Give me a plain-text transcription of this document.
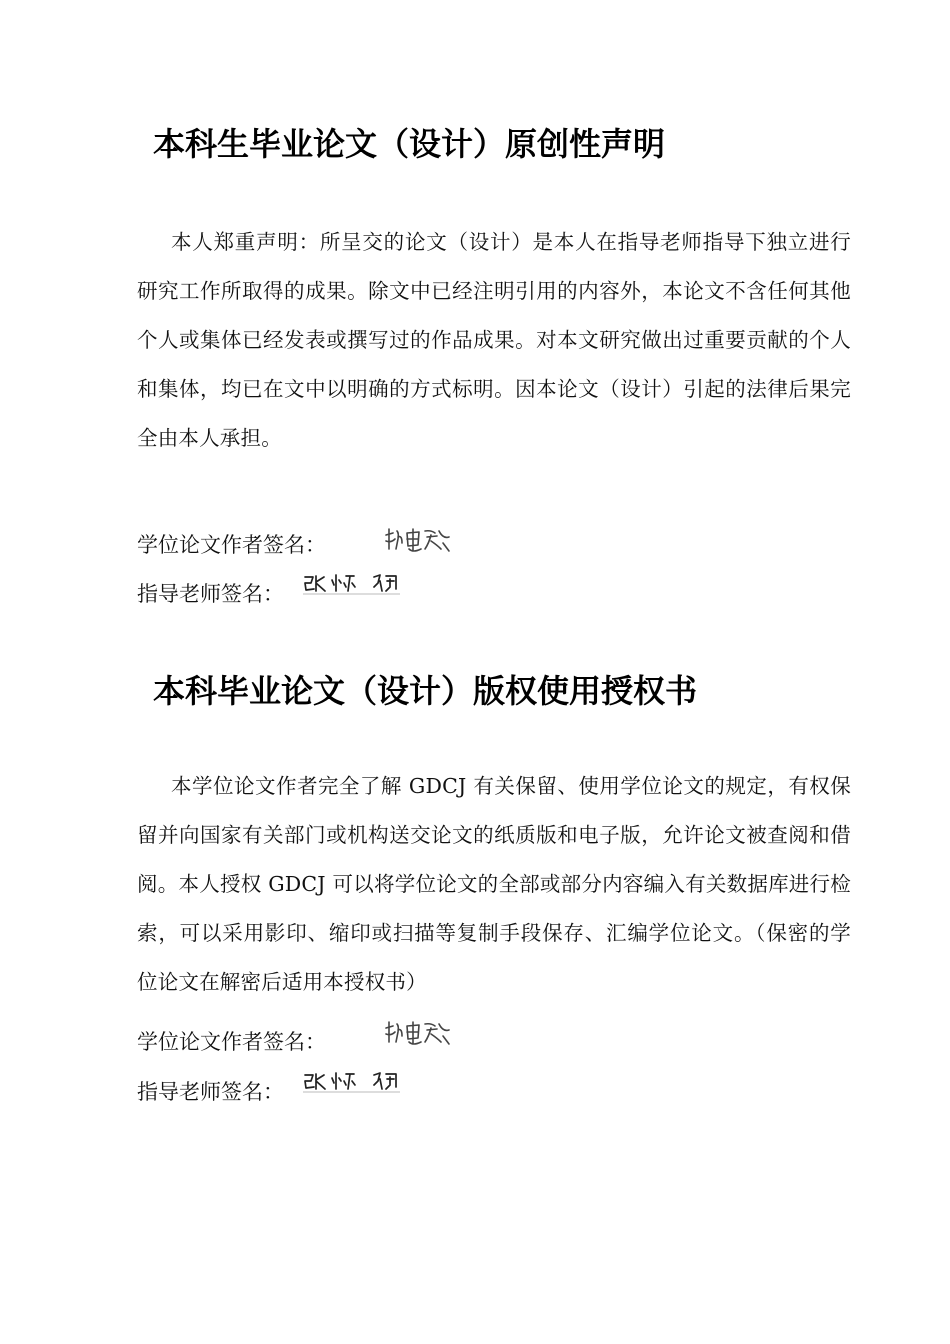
本科生毕业论文（设计）原创性声明

本人郑重声明：所呈交的论文（设计）是本人在指导老师指导下独立进行研究工作所取得的成果。除文中已经注明引用的内容外，本论文不含任何其他个人或集体已经发表或撰写过的作品成果。对本文研究做出过重要贡献的个人和集体，均已在文中以明确的方式标明。因本论文（设计）引起的法律后果完全由本人承担。

学位论文作者签名：
指导老师签名：
本科毕业论文（设计）版权使用授权书

本学位论文作者完全了解 GDCJ 有关保留、使用学位论文的规定，有权保留并向国家有关部门或机构送交论文的纸质版和电子版，允许论文被查阅和借阅。本人授权 GDCJ 可以将学位论文的全部或部分内容编入有关数据库进行检索，可以采用影印、缩印或扫描等复制手段保存、汇编学位论文。（保密的学位论文在解密后适用本授权书）

学位论文作者签名：
指导老师签名：
